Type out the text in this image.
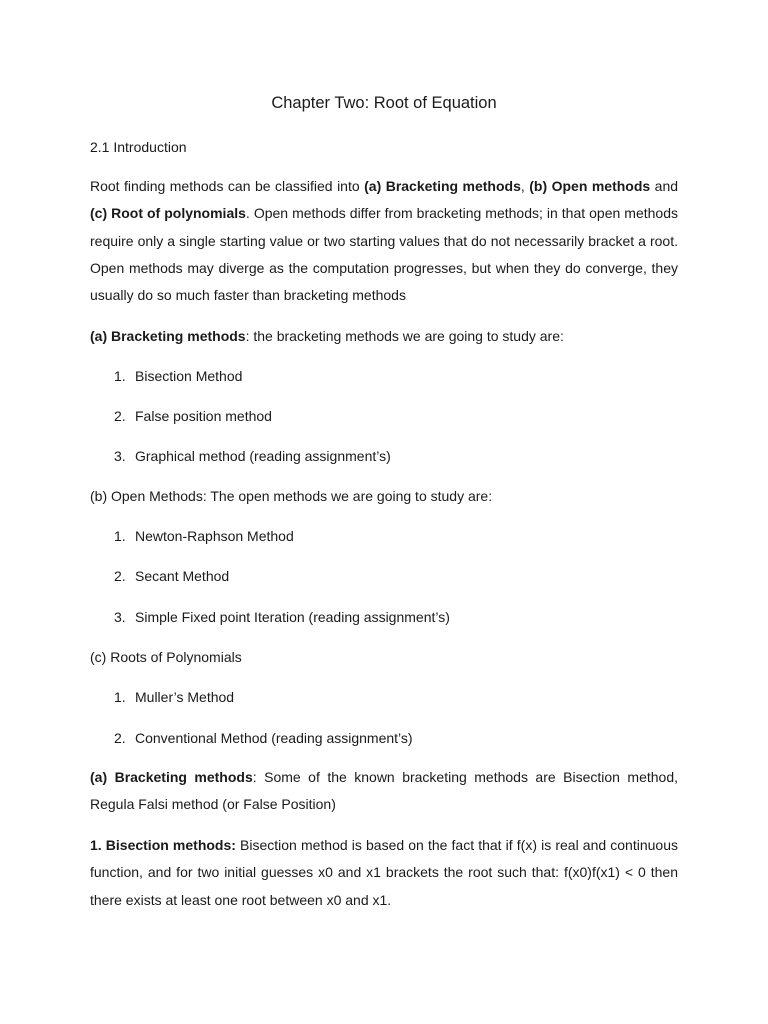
Chapter Two: Root of Equation
2.1 Introduction
Root finding methods can be classified into (a) Bracketing methods, (b) Open methods and (c) Root of polynomials. Open methods differ from bracketing methods; in that open methods require only a single starting value or two starting values that do not necessarily bracket a root. Open methods may diverge as the computation progresses, but when they do converge, they usually do so much faster than bracketing methods
(a) Bracketing methods: the bracketing methods we are going to study are:
1. Bisection Method
2. False position method
3. Graphical method (reading assignment’s)
(b) Open Methods: The open methods we are going to study are:
1. Newton-Raphson Method
2. Secant Method
3. Simple Fixed point Iteration (reading assignment’s)
(c) Roots of Polynomials
1. Muller’s Method
2. Conventional Method (reading assignment’s)
(a) Bracketing methods: Some of the known bracketing methods are Bisection method, Regula Falsi method (or False Position)
1. Bisection methods: Bisection method is based on the fact that if f(x) is real and continuous function, and for two initial guesses x0 and x1 brackets the root such that: f(x0)f(x1) < 0 then there exists at least one root between x0 and x1.
